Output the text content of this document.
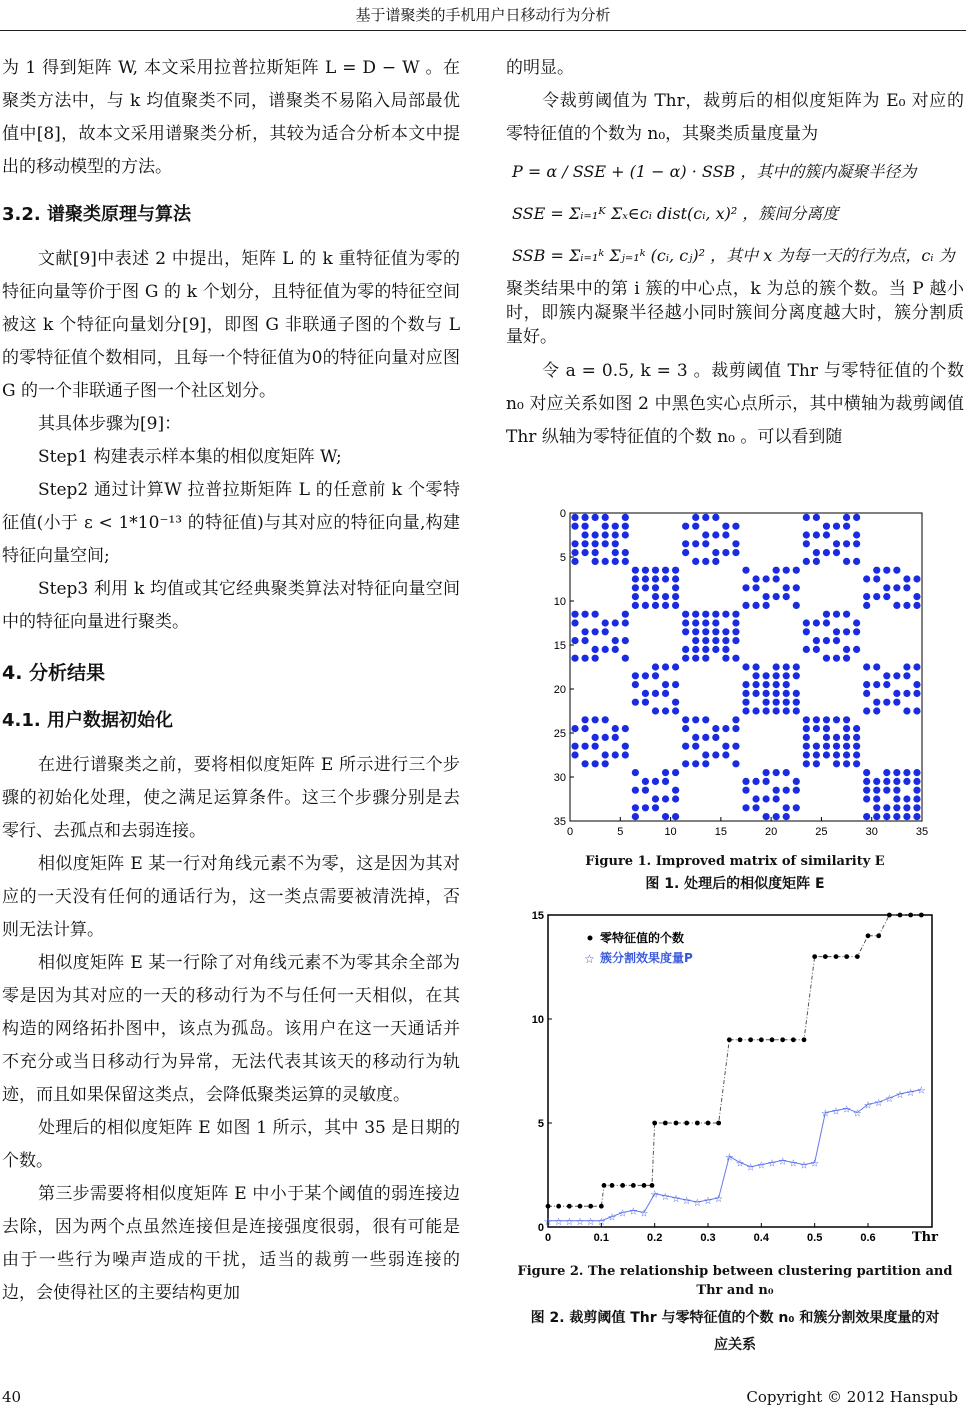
基于谱聚类的手机用户日移动行为分析

为 1 得到矩阵 W, 本文采用拉普拉斯矩阵 L = D − W 。在聚类方法中，与 k 均值聚类不同，谱聚类不易陷入局部最优值中[8]，故本文采用谱聚类分析，其较为适合分析本文中提出的移动模型的方法。

3.2. 谱聚类原理与算法

文献[9]中表述 2 中提出，矩阵 L 的 k 重特征值为零的特征向量等价于图 G 的 k 个划分，且特征值为零的特征空间被这 k 个特征向量划分[9]，即图 G 非联通子图的个数与 L 的零特征值个数相同，且每一个特征值为0的特征向量对应图 G 的一个非联通子图一个社区划分。

其具体步骤为[9]：

Step1 构建表示样本集的相似度矩阵 W;

Step2 通过计算W 拉普拉斯矩阵 L 的任意前 k 个零特征值(小于 ε < 1*10⁻¹³ 的特征值)与其对应的特征向量,构建特征向量空间;

Step3 利用 k 均值或其它经典聚类算法对特征向量空间中的特征向量进行聚类。

4. 分析结果
4.1. 用户数据初始化

在进行谱聚类之前，要将相似度矩阵 E 所示进行三个步骤的初始化处理，使之满足运算条件。这三个步骤分别是去零行、去孤点和去弱连接。

相似度矩阵 E 某一行对角线元素不为零，这是因为其对应的一天没有任何的通话行为，这一类点需要被清洗掉，否则无法计算。

相似度矩阵 E 某一行除了对角线元素不为零其余全部为零是因为其对应的一天的移动行为不与任何一天相似，在其构造的网络拓扑图中，该点为孤岛。该用户在这一天通话并不充分或当日移动行为异常，无法代表其该天的移动行为轨迹，而且如果保留这类点，会降低聚类运算的灵敏度。

处理后的相似度矩阵 E 如图 1 所示，其中 35 是日期的个数。

第三步需要将相似度矩阵 E 中小于某个阈值的弱连接边去除，因为两个点虽然连接但是连接强度很弱，很有可能是由于一些行为噪声造成的干扰，适当的裁剪一些弱连接的边，会使得社区的主要结构更加

的明显。

令裁剪阈值为 Thr，裁剪后的相似度矩阵为 E₀ 对应的零特征值的个数为 n₀，其聚类质量度量为

P = α / SSE + (1 − α) · SSB ，其中的簇内凝聚半径为
SSE = Σᵢ₌₁ᴷ Σₓ∈cᵢ dist(cᵢ, x)² ，簇间分离度
SSB = Σᵢ₌₁ᵏ Σⱼ₌₁ᵏ (cᵢ, cⱼ)² ，其中 x 为每一天的行为点，cᵢ 为

聚类结果中的第 i 簇的中心点，k 为总的簇个数。当 P 越小时，即簇内凝聚半径越小同时簇间分离度越大时，簇分割质量好。

令 a = 0.5, k = 3 。裁剪阈值 Thr 与零特征值的个数 n₀ 对应关系如图 2 中黑色实心点所示，其中横轴为裁剪阈值 Thr 纵轴为零特征值的个数 n₀ 。可以看到随

0	5	10	15	20	25	30	35
0
5
10
15
20
25
30
35
Figure 1. Improved matrix of similarity E
图 1. 处理后的相似度矩阵 E
☆ ☆ ☆ ☆ ☆ ☆ ☆ ☆ ☆ ☆
☆ ☆ ☆ ☆ ☆ ☆ ☆
☆
☆ ☆ ☆ ☆ ☆ ☆ ☆ ☆
☆ ☆ ☆ ☆
☆ ☆ ☆ ☆ ☆ ☆
0	0.1	0.2	0.3	0.4	0.5	0.6
0
5
10
15
零特征值的个数
☆ 簇分割效果度量P
Thr
Figure 2. The relationship between clustering partition and
Thr and n₀
图 2. 裁剪阈值 Thr 与零特征值的个数 n₀ 和簇分割效果度量的对
应关系
40	Copyright © 2012 Hanspub
